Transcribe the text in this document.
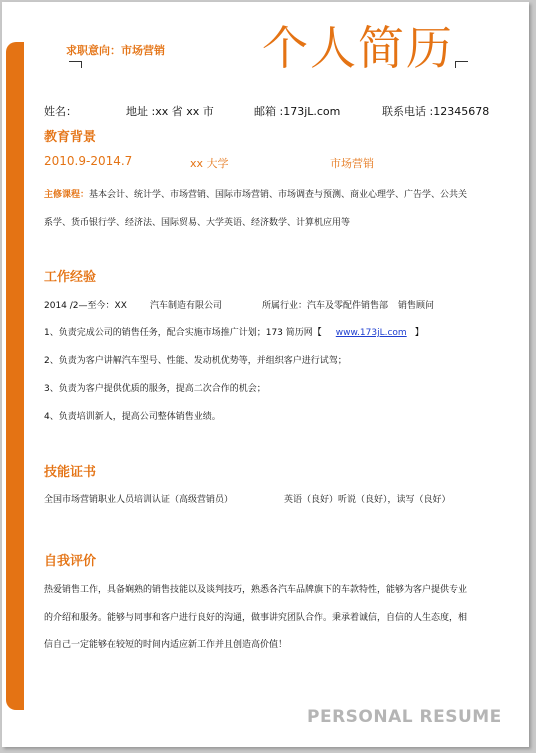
求职意向：市场营销 个人简历
姓名：	地址 :xx 省 xx 市	邮箱 :173jL.com	联系电话 :12345678
教育背景
2010.9-2014.7	xx 大学	市场营销
主修课程：基本会计、统计学、市场营销、国际市场营销、市场调查与预测、商业心理学、广告学、公共关
系学、货币银行学、经济法、国际贸易、大学英语、经济数学、计算机应用等
工作经验
2014 /2—至今：XX	汽车制造有限公司	所属行业：汽车及零配件销售部 销售顾问
1、负责完成公司的销售任务，配合实施市场推广计划；173 简历网【 www.173jL.com 】
2、负责为客户讲解汽车型号、性能、发动机优势等，并组织客户进行试驾；
3、负责为客户提供优质的服务，提高二次合作的机会；
4、负责培训新人，提高公司整体销售业绩。
技能证书
全国市场营销职业人员培训认证（高级营销员）	英语（良好）听说（良好），读写（良好）
自我评价
热爱销售工作，具备娴熟的销售技能以及谈判技巧，熟悉各汽车品牌旗下的车款特性，能够为客户提供专业
的介绍和服务。能够与同事和客户进行良好的沟通，做事讲究团队合作。秉承着诚信，自信的人生态度，相
信自己一定能够在较短的时间内适应新工作并且创造高价值！
PERSONAL RESUME
